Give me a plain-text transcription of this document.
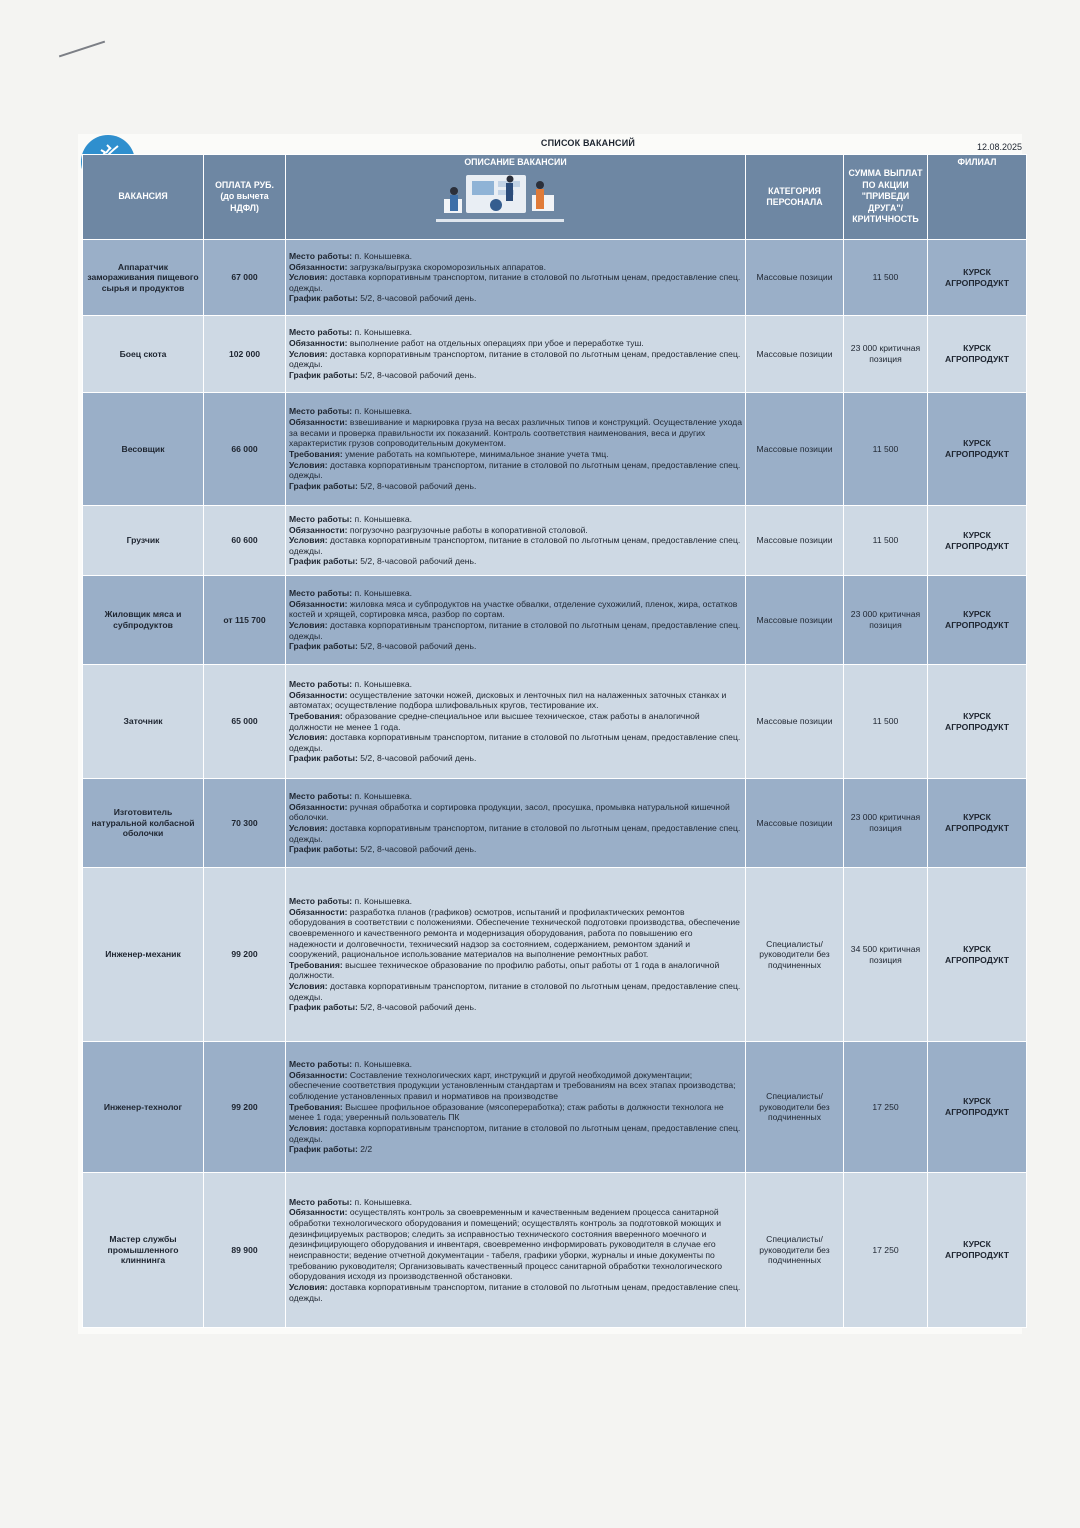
СПИСОК ВАКАНСИЙ	12.08.2025
ВАКАНСИЯ	ОПЛАТА РУБ. (до вычета НДФЛ)	ОПИСАНИЕ ВАКАНСИИ	КАТЕГОРИЯ ПЕРСОНАЛА	СУММА ВЫПЛАТ ПО АКЦИИ "ПРИВЕДИ ДРУГА"/КРИТИЧНОСТЬ	ФИЛИАЛ
Аппаратчик замораживания пищевого сырья и продуктов	67 000	Место работы: п. Конышевка.
Обязанности: загрузка/выгрузка скороморозильных аппаратов.
Условия: доставка корпоративным транспортом, питание в столовой по льготным ценам, предоставление спец. одежды.
График работы: 5/2, 8-часовой рабочий день.	Массовые позиции	11 500	КУРСК АГРОПРОДУКТ
Боец скота	102 000	Место работы: п. Конышевка.
Обязанности: выполнение работ на отдельных операциях при убое и переработке туш.
Условия: доставка корпоративным транспортом, питание в столовой по льготным ценам, предоставление спец. одежды.
График работы: 5/2, 8-часовой рабочий день.	Массовые позиции	23 000 критичная позиция	КУРСК АГРОПРОДУКТ
Весовщик	66 000	Место работы: п. Конышевка.
Обязанности: взвешивание и маркировка груза на весах различных типов и конструкций. Осуществление ухода за весами и проверка правильности их показаний. Контроль соответствия наименования, веса и других характеристик грузов сопроводительным документом.
Требования: умение работать на компьютере, минимальное знание учета тмц.
Условия: доставка корпоративным транспортом, питание в столовой по льготным ценам, предоставление спец. одежды.
График работы: 5/2, 8-часовой рабочий день.	Массовые позиции	11 500	КУРСК АГРОПРОДУКТ
Грузчик	60 600	Место работы: п. Конышевка.
Обязанности: погрузочно разгрузочные работы в копоративной столовой.
Условия: доставка корпоративным транспортом, питание в столовой по льготным ценам, предоставление спец. одежды.
График работы: 5/2, 8-часовой рабочий день.	Массовые позиции	11 500	КУРСК АГРОПРОДУКТ
Жиловщик мяса и субпродуктов	от 115 700	Место работы: п. Конышевка.
Обязанности: жиловка мяса и субпродуктов на участке обвалки, отделение сухожилий, пленок, жира, остатков костей и хрящей, сортировка мяса, разбор по сортам.
Условия: доставка корпоративным транспортом, питание в столовой по льготным ценам, предоставление спец. одежды.
График работы: 5/2, 8-часовой рабочий день.	Массовые позиции	23 000 критичная позиция	КУРСК АГРОПРОДУКТ
Заточник	65 000	Место работы: п. Конышевка.
Обязанности: осуществление заточки ножей, дисковых и ленточных пил на налаженных заточных станках и автоматах; осуществление подбора шлифовальных кругов, тестирование их.
Требования: образование средне-специальное или высшее техническое, стаж работы в аналогичной должности не менее 1 года.
Условия: доставка корпоративным транспортом, питание в столовой по льготным ценам, предоставление спец. одежды.
График работы: 5/2, 8-часовой рабочий день.	Массовые позиции	11 500	КУРСК АГРОПРОДУКТ
Изготовитель натуральной колбасной оболочки	70 300	Место работы: п. Конышевка.
Обязанности: ручная обработка и сортировка продукции, засол, просушка, промывка натуральной кишечной оболочки.
Условия: доставка корпоративным транспортом, питание в столовой по льготным ценам, предоставление спец. одежды.
График работы: 5/2, 8-часовой рабочий день.	Массовые позиции	23 000 критичная позиция	КУРСК АГРОПРОДУКТ
Инженер-механик	99 200	Место работы: п. Конышевка.
Обязанности: разработка планов (графиков) осмотров, испытаний и профилактических ремонтов оборудования в соответствии с положениями. Обеспечение технической подготовки производства, обеспечение своевременного и качественного ремонта и модернизация оборудования, работа по повышению его надежности и долговечности, технический надзор за состоянием, содержанием, ремонтом зданий и сооружений, рациональное использование материалов на выполнение ремонтных работ.
Требования: высшее техническое образование по профилю работы, опыт работы от 1 года в аналогичной должности.
Условия: доставка корпоративным транспортом, питание в столовой по льготным ценам, предоставление спец. одежды.
График работы: 5/2, 8-часовой рабочий день.	Специалисты/руководители без подчиненных	34 500 критичная позиция	КУРСК АГРОПРОДУКТ
Инженер-технолог	99 200	Место работы: п. Конышевка.
Обязанности: Составление технологических карт, инструкций и другой необходимой документации; обеспечение соответствия продукции установленным стандартам и требованиям на всех этапах производства; соблюдение установленных правил и нормативов на производстве
Требования: Высшее профильное образование (мясопереработка); стаж работы в должности технолога не менее 1 года; уверенный пользователь ПК
Условия: доставка корпоративным транспортом, питание в столовой по льготным ценам, предоставление спец. одежды.
График работы: 2/2	Специалисты/руководители без подчиненных	17 250	КУРСК АГРОПРОДУКТ
Мастер службы промышленного клиннинга	89 900	Место работы: п. Конышевка.
Обязанности: осуществлять контроль за своевременным и качественным ведением процесса санитарной обработки технологического оборудования и помещений; осуществлять контроль за подготовкой моющих и дезинфицируемых растворов; следить за исправностью технического состояния вверенного моечного и дезинфицирующего оборудования и инвентаря, своевременно информировать руководителя в случае его неисправности; ведение отчетной документации - табеля, графики уборки, журналы и иные документы по требованию руководителя; Организовывать качественный процесс санитарной обработки технологического оборудования исходя из производственной обстановки.
Условия: доставка корпоративным транспортом, питание в столовой по льготным ценам, предоставление спец. одежды.	Специалисты/руководители без подчиненных	17 250	КУРСК АГРОПРОДУКТ
